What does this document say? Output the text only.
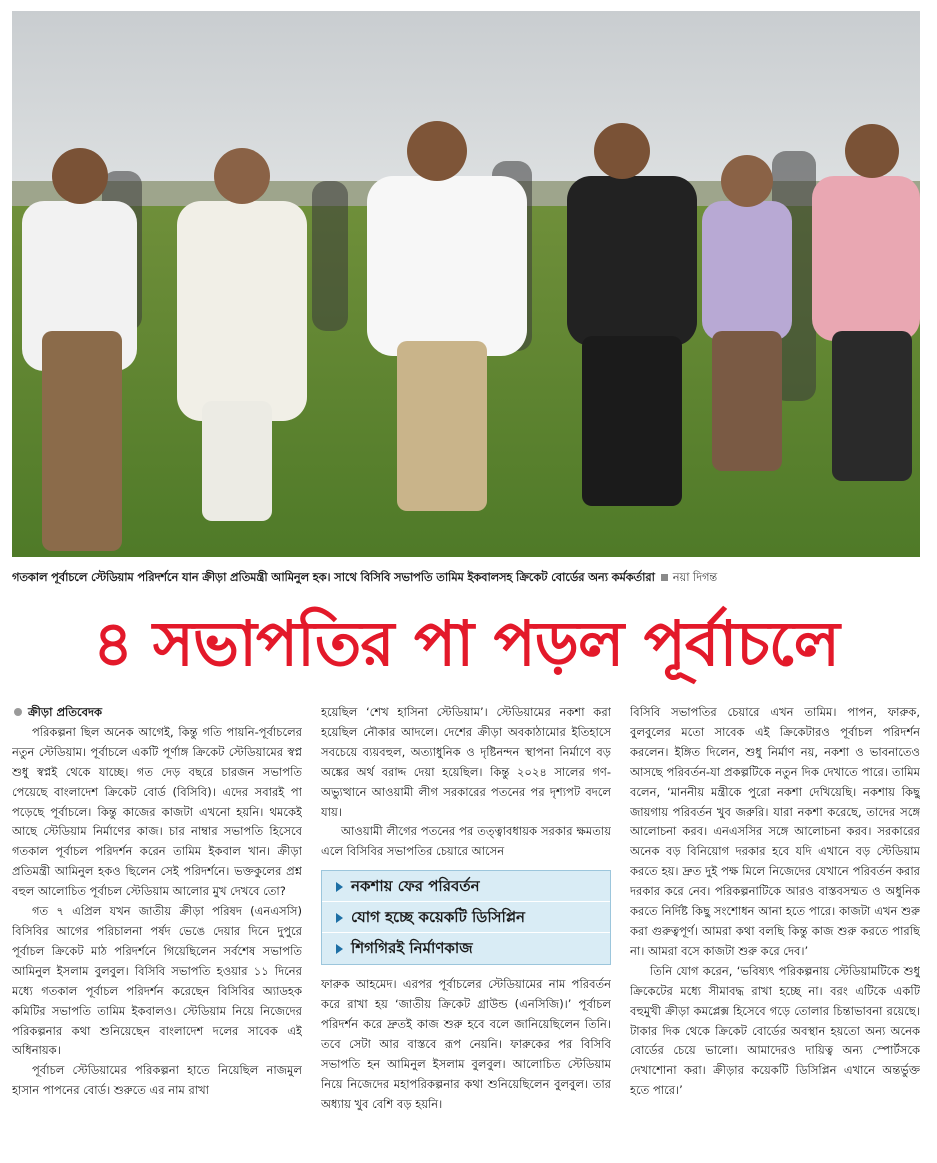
গতকাল পূর্বাচলে স্টেডিয়াম পরিদর্শনে যান ক্রীড়া প্রতিমন্ত্রী আমিনুল হক। সাথে বিসিবি সভাপতি তামিম ইকবালসহ ক্রিকেট বোর্ডের অন্য কর্মকর্তারা নয়া দিগন্ত
৪ সভাপতির পা পড়ল পূর্বাচলে

ক্রীড়া প্রতিবেদক

পরিকল্পনা ছিল অনেক আগেই, কিন্তু গতি পায়নি-পূর্বাচলের নতুন স্টেডিয়াম। পূর্বাচলে একটি পূর্ণাঙ্গ ক্রিকেট স্টেডিয়ামের স্বপ্ন শুধু স্বপ্নই থেকে যাচ্ছে। গত দেড় বছরে চারজন সভাপতি পেয়েছে বাংলাদেশ ক্রিকেট বোর্ড (বিসিবি)। এদের সবারই পা পড়েছে পূর্বাচলে। কিন্তু কাজের কাজটা এখনো হয়নি। থমকেই আছে স্টেডিয়াম নির্মাণের কাজ। চার নাম্বার সভাপতি হিসেবে গতকাল পূর্বাচল পরিদর্শন করেন তামিম ইকবাল খান। ক্রীড়া প্রতিমন্ত্রী আমিনুল হকও ছিলেন সেই পরিদর্শনে। ভক্তকুলের প্রশ্ন বহুল আলোচিত পূর্বাচল স্টেডিয়াম আলোর মুখ দেখবে তো?

গত ৭ এপ্রিল যখন জাতীয় ক্রীড়া পরিষদ (এনএসসি) বিসিবির আগের পরিচালনা পর্ষদ ভেঙে দেয়ার দিনে দুপুরে পূর্বাচল ক্রিকেট মাঠ পরিদর্শনে গিয়েছিলেন সর্বশেষ সভাপতি আমিনুল ইসলাম বুলবুল। বিসিবি সভাপতি হওয়ার ১১ দিনের মধ্যে গতকাল পূর্বাচল পরিদর্শন করেছেন বিসিবির অ্যাডহক কমিটির সভাপতি তামিম ইকবালও। স্টেডিয়াম নিয়ে নিজেদের পরিকল্পনার কথা শুনিয়েছেন বাংলাদেশ দলের সাবেক এই অধিনায়ক।

পূর্বাচল স্টেডিয়ামের পরিকল্পনা হাতে নিয়েছিল নাজমুল হাসান পাপনের বোর্ড। শুরুতে এর নাম রাখা

হয়েছিল ‘শেখ হাসিনা স্টেডিয়াম’। স্টেডিয়ামের নকশা করা হয়েছিল নৌকার আদলে। দেশের ক্রীড়া অবকাঠামোর ইতিহাসে সবচেয়ে ব্যয়বহুল, অত্যাধুনিক ও দৃষ্টিনন্দন স্থাপনা নির্মাণে বড় অঙ্কের অর্থ বরাদ্দ দেয়া হয়েছিল। কিন্তু ২০২৪ সালের গণ-অভ্যুত্থানে আওয়ামী লীগ সরকারের পতনের পর দৃশ্যপট বদলে যায়।

আওয়ামী লীগের পতনের পর তত্ত্বাবধায়ক সরকার ক্ষমতায় এলে বিসিবির সভাপতির চেয়ারে আসেন

নকশায় ফের পরিবর্তন
যোগ হচ্ছে কয়েকটি ডিসিপ্লিন
শিগগিরই নির্মাণকাজ

ফারুক আহমেদ। এরপর পূর্বাচলের স্টেডিয়ামের নাম পরিবর্তন করে রাখা হয় ‘জাতীয় ক্রিকেট গ্রাউন্ড (এনসিজি)।’ পূর্বাচল পরিদর্শন করে দ্রুতই কাজ শুরু হবে বলে জানিয়েছিলেন তিনি। তবে সেটা আর বাস্তবে রূপ নেয়নি। ফারুকের পর বিসিবি সভাপতি হন আমিনুল ইসলাম বুলবুল। আলোচিত স্টেডিয়াম নিয়ে নিজেদের মহাপরিকল্পনার কথা শুনিয়েছিলেন বুলবুল। তার অধ্যায় খুব বেশি বড় হয়নি।

বিসিবি সভাপতির চেয়ারে এখন তামিম। পাপন, ফারুক, বুলবুলের মতো সাবেক এই ক্রিকেটারও পূর্বাচল পরিদর্শন করলেন। ইঙ্গিত দিলেন, শুধু নির্মাণ নয়, নকশা ও ভাবনাতেও আসছে পরিবর্তন-যা প্রকল্পটিকে নতুন দিক দেখাতে পারে। তামিম বলেন, ‘মাননীয় মন্ত্রীকে পুরো নকশা দেখিয়েছি। নকশায় কিছু জায়গায় পরিবর্তন খুব জরুরি। যারা নকশা করেছে, তাদের সঙ্গে আলোচনা করব। এনএসসির সঙ্গে আলোচনা করব। সরকারের অনেক বড় বিনিয়োগ দরকার হবে যদি এখানে বড় স্টেডিয়াম করতে হয়। দ্রুত দুই পক্ষ মিলে নিজেদের যেখানে পরিবর্তন করার দরকার করে নেব। পরিকল্পনাটিকে আরও বাস্তবসম্মত ও অধুনিক করতে নির্দিষ্ট কিছু সংশোধন আনা হতে পারে। কাজটা এখন শুরু করা গুরুত্বপূর্ণ। আমরা কথা বলছি কিন্তু কাজ শুরু করতে পারছি না। আমরা বসে কাজটা শুরু করে দেব।’

তিনি যোগ করেন, ‘ভবিষ্যৎ পরিকল্পনায় স্টেডিয়ামটিকে শুধু ক্রিকেটের মধ্যে সীমাবদ্ধ রাখা হচ্ছে না। বরং এটিকে একটি বহুমুখী ক্রীড়া কমপ্লেক্স হিসেবে গড়ে তোলার চিন্তাভাবনা রয়েছে। টাকার দিক থেকে ক্রিকেট বোর্ডের অবস্থান হয়তো অন্য অনেক বোর্ডের চেয়ে ভালো। আমাদেরও দায়িত্ব অন্য স্পোর্টসকে দেখাশোনা করা। ক্রীড়ার কয়েকটি ডিসিপ্লিন এখানে অন্তর্ভুক্ত হতে পারে।’
